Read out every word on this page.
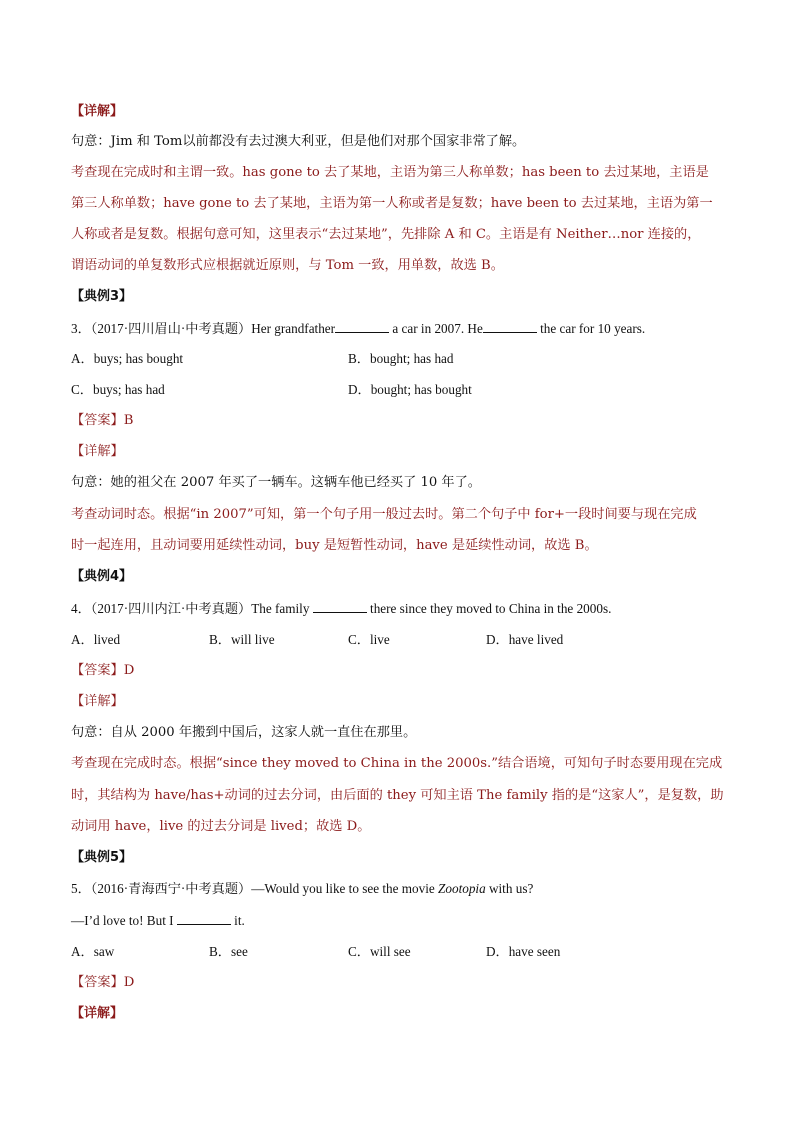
【详解】
句意：Jim 和 Tom以前都没有去过澳大利亚，但是他们对那个国家非常了解。
考查现在完成时和主谓一致。has gone to 去了某地，主语为第三人称单数；has been to 去过某地，主语是
第三人称单数；have gone to 去了某地，主语为第一人称或者是复数；have been to 去过某地，主语为第一
人称或者是复数。根据句意可知，这里表示“去过某地”，先排除 A 和 C。主语是有 Neither…nor 连接的，
谓语动词的单复数形式应根据就近原则，与 Tom 一致，用单数，故选 B。
【典例3】
3．（2017·四川眉山·中考真题）Her grandfather	a car in 2007. He	the car for 10 years.
A．buys; has bought	B．bought; has had
C．buys; has had	D．bought; has bought
【答案】B
【详解】
句意：她的祖父在 2007 年买了一辆车。这辆车他已经买了 10 年了。
考查动词时态。根据“in 2007”可知，第一个句子用一般过去时。第二个句子中 for+一段时间要与现在完成
时一起连用，且动词要用延续性动词，buy 是短暂性动词，have 是延续性动词，故选 B。
【典例4】
4．（2017·四川内江·中考真题）The family	there since they moved to China in the 2000s.
A．lived	B．will live	C．live	D．have lived
【答案】D
【详解】
句意：自从 2000 年搬到中国后，这家人就一直住在那里。
考查现在完成时态。根据“since they moved to China in the 2000s.”结合语境，可知句子时态要用现在完成
时，其结构为 have/has+动词的过去分词，由后面的 they 可知主语 The family 指的是“这家人”，是复数，助
动词用 have，live 的过去分词是 lived；故选 D。
【典例5】
5．（2016·青海西宁·中考真题）—Would you like to see the movie Zootopia with us?
—I’d love to! But I	it.
A．saw	B．see	C．will see	D．have seen
【答案】D
【详解】
